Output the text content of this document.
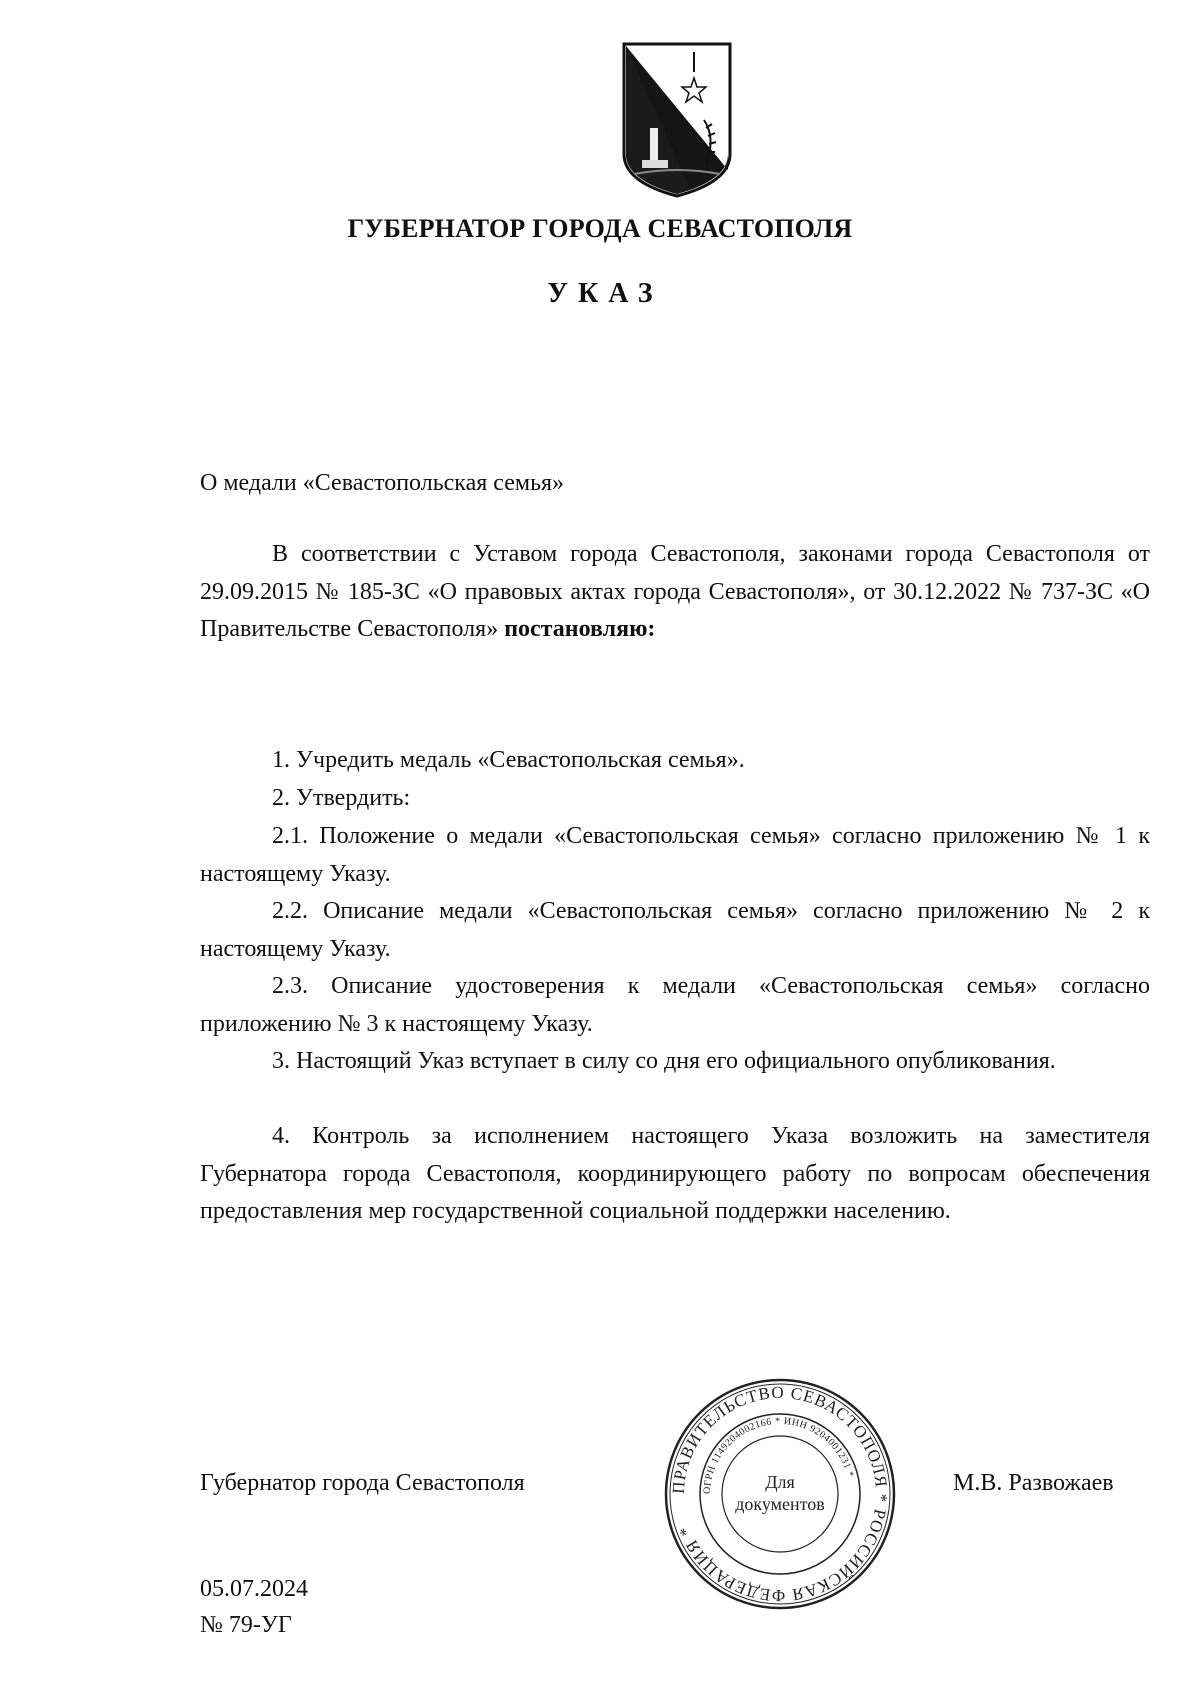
ГУБЕРНАТОР ГОРОДА СЕВАСТОПОЛЯ
УКАЗ
О медали «Севастопольская семья»
В соответствии с Уставом города Севастополя, законами города Севастополя от 29.09.2015 № 185-ЗС «О правовых актах города Севастополя», от 30.12.2022 № 737-ЗС «О Правительстве Севастополя» постановляю:
1. Учредить медаль «Севастопольская семья».
2. Утвердить:
2.1. Положение о медали «Севастопольская семья» согласно приложению № 1 к настоящему Указу.
2.2. Описание медали «Севастопольская семья» согласно приложению № 2 к настоящему Указу.
2.3. Описание удостоверения к медали «Севастопольская семья» согласно приложению № 3 к настоящему Указу.
3. Настоящий Указ вступает в силу со дня его официального опубликования.
4. Контроль за исполнением настоящего Указа возложить на заместителя Губернатора города Севастополя, координирующего работу по вопросам обеспечения предоставления мер государственной социальной поддержки населению.
Губернатор города Севастополя	ПРАВИТЕЛЬСТВО СЕВАСТОПОЛЯ * РОССИЙСКАЯ ФЕДЕРАЦИЯ *
ОГРН 1149204002166 * ИНН 9204001231 *
Для
документов
М.В. Развожаев
05.07.2024
№ 79-УГ
